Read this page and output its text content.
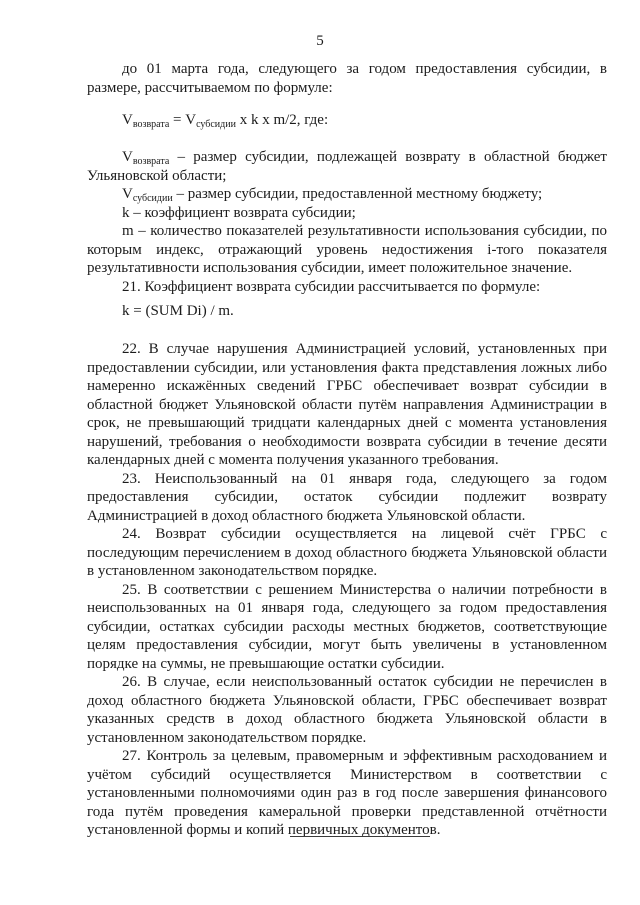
5

до 01 марта года, следующего за годом предоставления субсидии, в размере, рассчитываемом по формуле:

$V_{возврата} = V_{субсидии}$ x k x m/2, где:

$V_{возврата}$ – размер субсидии, подлежащей возврату в областной бюджет Ульяновской области;

$V_{субсидии}$ – размер субсидии, предоставленной местному бюджету;

k – коэффициент возврата субсидии;

m – количество показателей результативности использования субсидии, по которым индекс, отражающий уровень недостижения i-того показателя результативности использования субсидии, имеет положительное значение.

21. Коэффициент возврата субсидии рассчитывается по формуле:

k = (SUM Di) / m.

22. В случае нарушения Администрацией условий, установленных при предоставлении субсидии, или установления факта представления ложных либо намеренно искажённых сведений ГРБС обеспечивает возврат субсидии в областной бюджет Ульяновской области путём направления Администрации в срок, не превышающий тридцати календарных дней с момента установления нарушений, требования о необходимости возврата субсидии в течение десяти календарных дней с момента получения указанного требования.

23. Неиспользованный на 01 января года, следующего за годом предоставления субсидии, остаток субсидии подлежит возврату Администрацией в доход областного бюджета Ульяновской области.

24. Возврат субсидии осуществляется на лицевой счёт ГРБС с последующим перечислением в доход областного бюджета Ульяновской области в установленном законодательством порядке.

25. В соответствии с решением Министерства о наличии потребности в неиспользованных на 01 января года, следующего за годом предоставления субсидии, остатках субсидии расходы местных бюджетов, соответствующие целям предоставления субсидии, могут быть увеличены в установленном порядке на суммы, не превышающие остатки субсидии.

26. В случае, если неиспользованный остаток субсидии не перечислен в доход областного бюджета Ульяновской области, ГРБС обеспечивает возврат указанных средств в доход областного бюджета Ульяновской области в установленном законодательством порядке.

27. Контроль за целевым, правомерным и эффективным расходованием и учётом субсидий осуществляется Министерством в соответствии с установленными полномочиями один раз в год после завершения финансового года путём проведения камеральной проверки представленной отчётности установленной формы и копий первичных документов.
